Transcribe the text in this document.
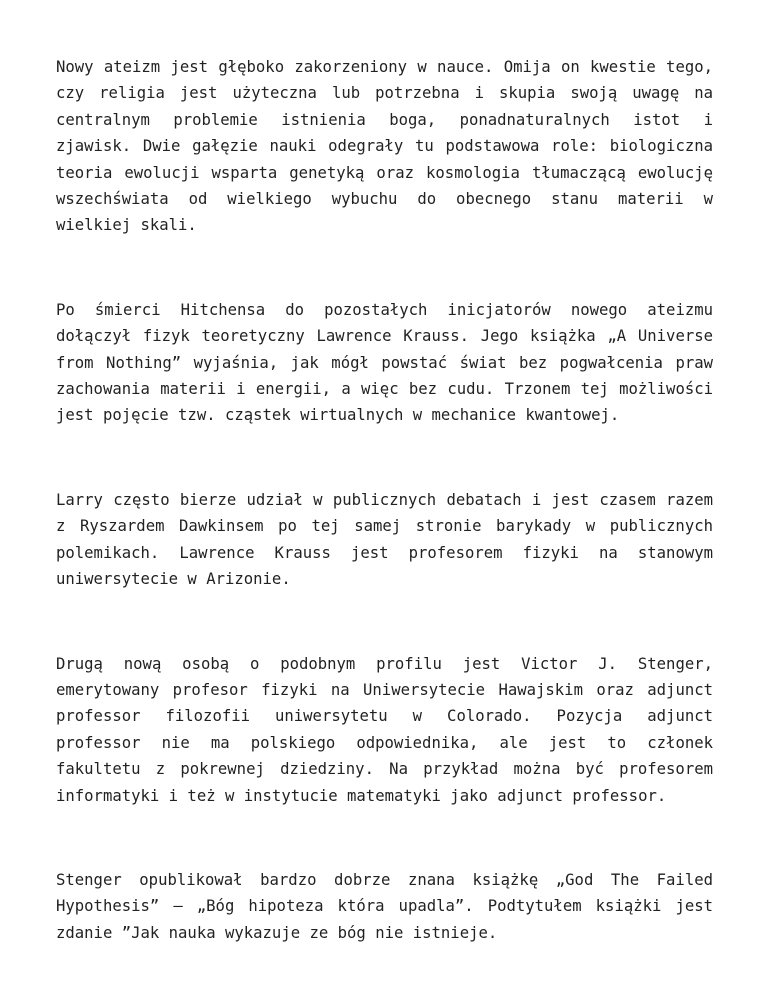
Nowy ateizm jest głęboko zakorzeniony w nauce. Omija on kwestie tego, czy religia jest użyteczna lub potrzebna i skupia swoją uwagę na centralnym problemie istnienia boga, ponadnaturalnych istot i zjawisk. Dwie gałęzie nauki odegrały tu podstawowa role: biologiczna teoria ewolucji wsparta genetyką oraz kosmologia tłumaczącą ewolucję wszechświata od wielkiego wybuchu do obecnego stanu materii w wielkiej skali.

Po śmierci Hitchensa do pozostałych inicjatorów nowego ateizmu dołączył fizyk teoretyczny Lawrence Krauss. Jego książka „A Universe from Nothing” wyjaśnia, jak mógł powstać świat bez pogwałcenia praw zachowania materii i energii, a więc bez cudu. Trzonem tej możliwości jest pojęcie tzw. cząstek wirtualnych w mechanice kwantowej.

Larry często bierze udział w publicznych debatach i jest czasem razem z Ryszardem Dawkinsem po tej samej stronie barykady w publicznych polemikach. Lawrence Krauss jest profesorem fizyki na stanowym uniwersytecie w Arizonie.

Drugą nową osobą o podobnym profilu jest Victor J. Stenger, emerytowany profesor fizyki na Uniwersytecie Hawajskim oraz adjunct professor filozofii uniwersytetu w Colorado. Pozycja adjunct professor nie ma polskiego odpowiednika, ale jest to członek fakultetu z pokrewnej dziedziny. Na przykład można być profesorem informatyki i też w instytucie matematyki jako adjunct professor.

Stenger opublikował bardzo dobrze znana książkę „God The Failed Hypothesis” – „Bóg hipoteza która upadla”. Podtytułem książki jest zdanie ”Jak nauka wykazuje ze bóg nie istnieje.
